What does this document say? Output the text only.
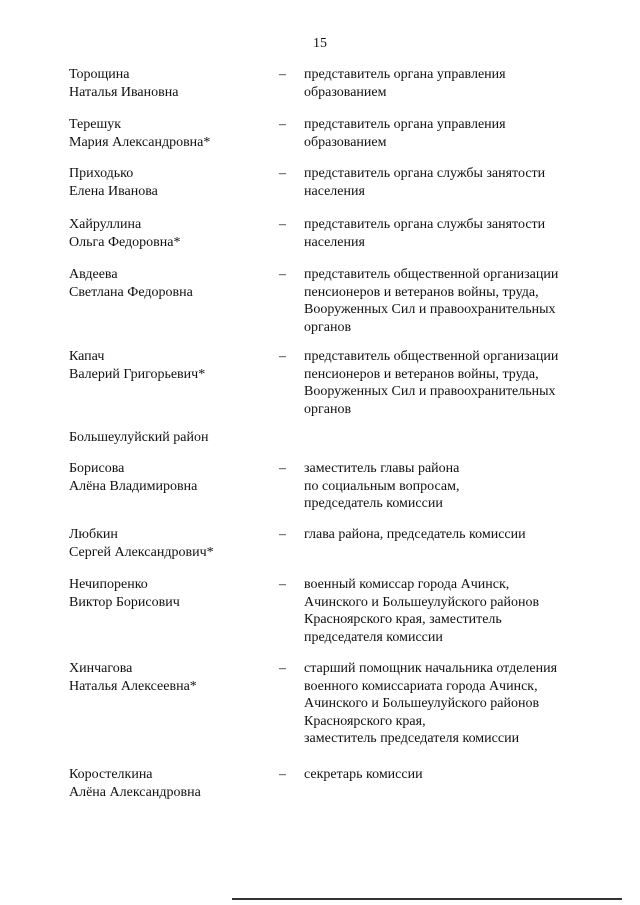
15
Торощина
Наталья Ивановна
– представитель органа управления
образованием
Терешук
Мария Александровна*
– представитель органа управления
образованием
Приходько
Елена Иванова
– представитель органа службы занятости
населения
Хайруллина
Ольга Федоровна*
– представитель органа службы занятости
населения
Авдеева
Светлана Федоровна
– представитель общественной организации
пенсионеров и ветеранов войны, труда,
Вооруженных Сил и правоохранительных
органов
Капач
Валерий Григорьевич*
– представитель общественной организации
пенсионеров и ветеранов войны, труда,
Вооруженных Сил и правоохранительных
органов
Большеулуйский район
Борисова
Алёна Владимировна
– заместитель главы района
по социальным вопросам,
председатель комиссии
Любкин
Сергей Александрович*
– глава района, председатель комиссии
Нечипоренко
Виктор Борисович
– военный комиссар города Ачинск,
Ачинского и Большеулуйского районов
Красноярского края, заместитель
председателя комиссии
Хинчагова
Наталья Алексеевна*
– старший помощник начальника отделения
военного комиссариата города Ачинск,
Ачинского и Большеулуйского районов
Красноярского края,
заместитель председателя комиссии
Коростелкина
Алёна Александровна
– секретарь комиссии
